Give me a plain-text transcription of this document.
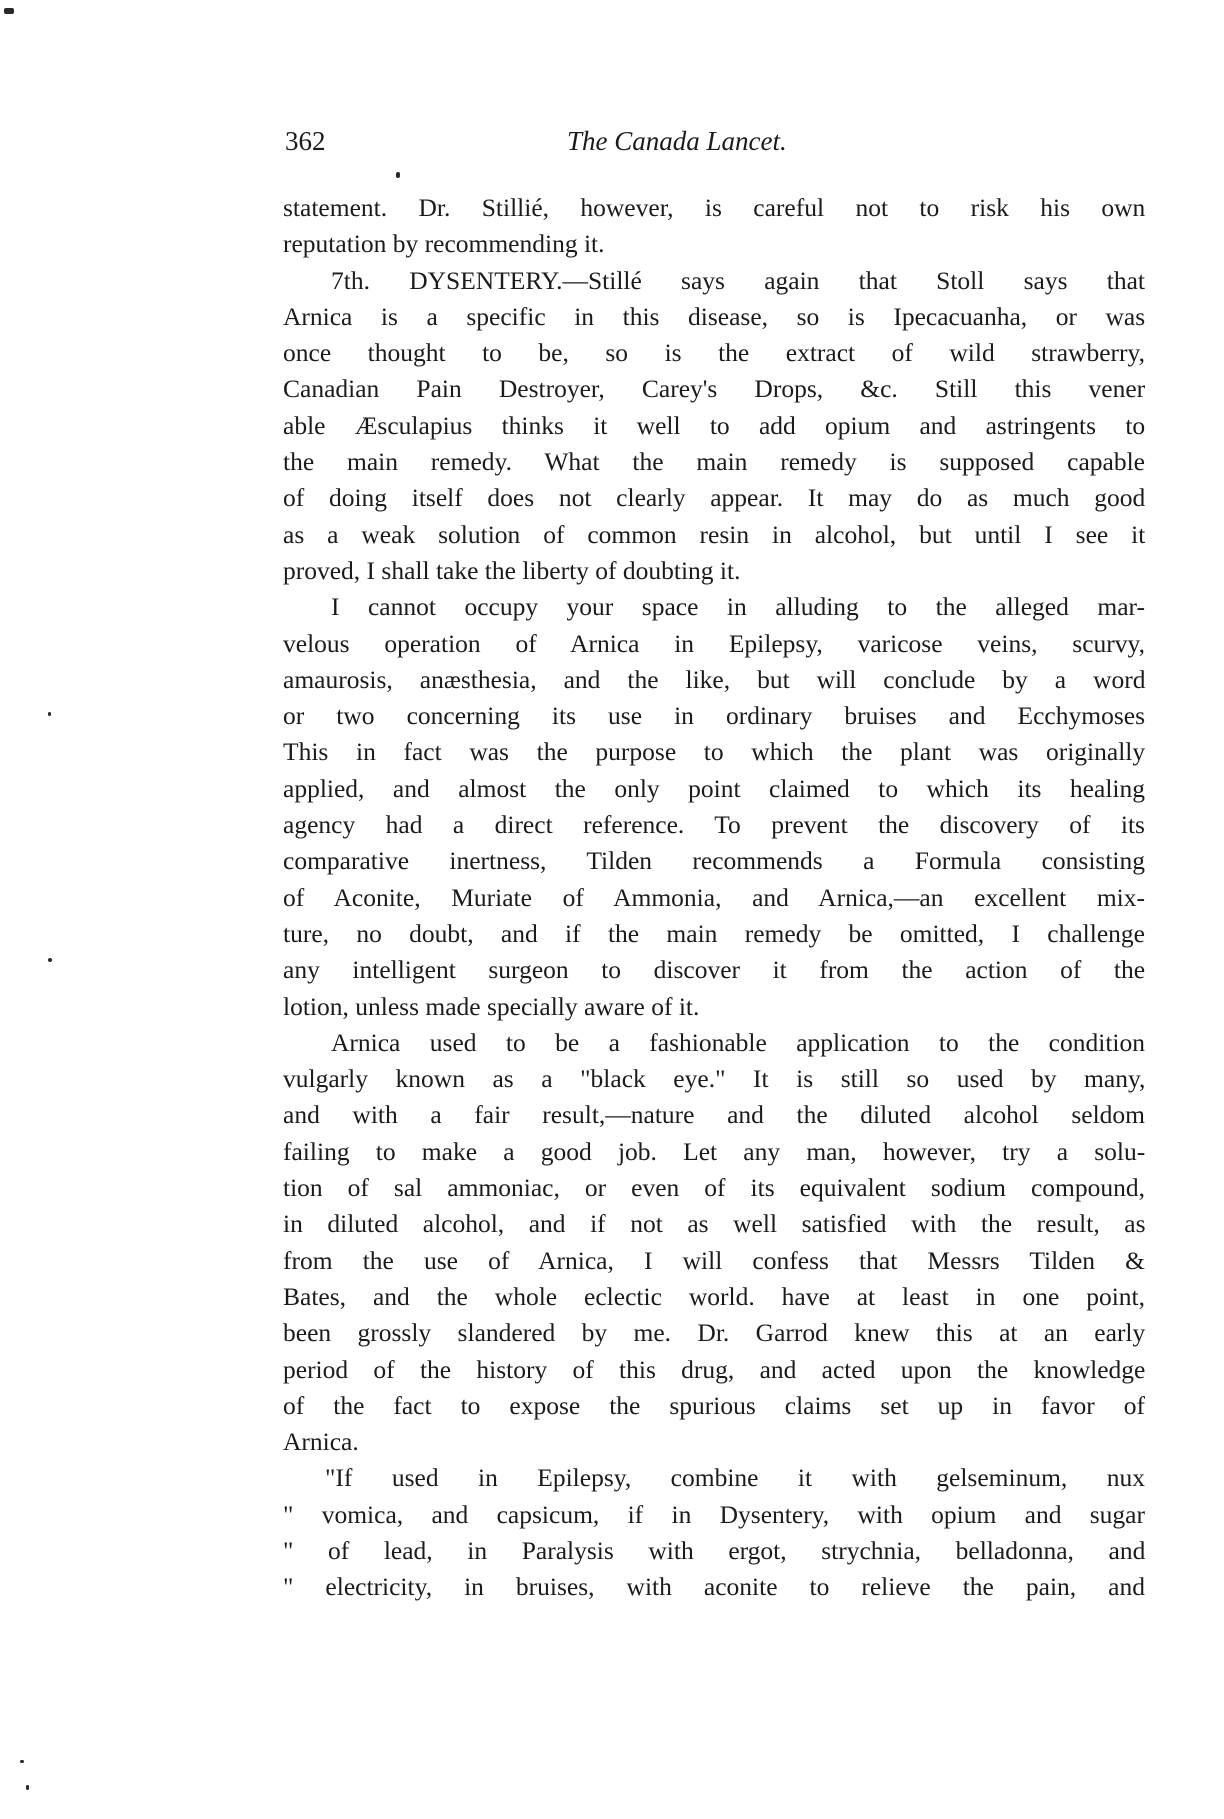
362	The Canada Lancet.

statement. Dr. Stillié, however, is careful not to risk his own
reputation by recommending it.

7th. DYSENTERY.—Stillé says again that Stoll says that
Arnica is a specific in this disease, so is Ipecacuanha, or was
once thought to be, so is the extract of wild strawberry,
Canadian Pain Destroyer, Carey's Drops, &c. Still this vener
able Æsculapius thinks it well to add opium and astringents to
the main remedy. What the main remedy is supposed capable
of doing itself does not clearly appear. It may do as much good
as a weak solution of common resin in alcohol, but until I see it
proved, I shall take the liberty of doubting it.

I cannot occupy your space in alluding to the alleged mar-
velous operation of Arnica in Epilepsy, varicose veins, scurvy,
amaurosis, anæsthesia, and the like, but will conclude by a word
or two concerning its use in ordinary bruises and Ecchymoses
This in fact was the purpose to which the plant was originally
applied, and almost the only point claimed to which its healing
agency had a direct reference. To prevent the discovery of its
comparative inertness, Tilden recommends a Formula consisting
of Aconite, Muriate of Ammonia, and Arnica,—an excellent mix-
ture, no doubt, and if the main remedy be omitted, I challenge
any intelligent surgeon to discover it from the action of the
lotion, unless made specially aware of it.

Arnica used to be a fashionable application to the condition
vulgarly known as a "black eye." It is still so used by many,
and with a fair result,—nature and the diluted alcohol seldom
failing to make a good job. Let any man, however, try a solu-
tion of sal ammoniac, or even of its equivalent sodium compound,
in diluted alcohol, and if not as well satisfied with the result, as
from the use of Arnica, I will confess that Messrs Tilden &
Bates, and the whole eclectic world. have at least in one point,
been grossly slandered by me. Dr. Garrod knew this at an early
period of the history of this drug, and acted upon the knowledge
of the fact to expose the spurious claims set up in favor of
Arnica.

"If used in Epilepsy, combine it with gelseminum, nux
" vomica, and capsicum, if in Dysentery, with opium and sugar
" of lead, in Paralysis with ergot, strychnia, belladonna, and
" electricity, in bruises, with aconite to relieve the pain, and
